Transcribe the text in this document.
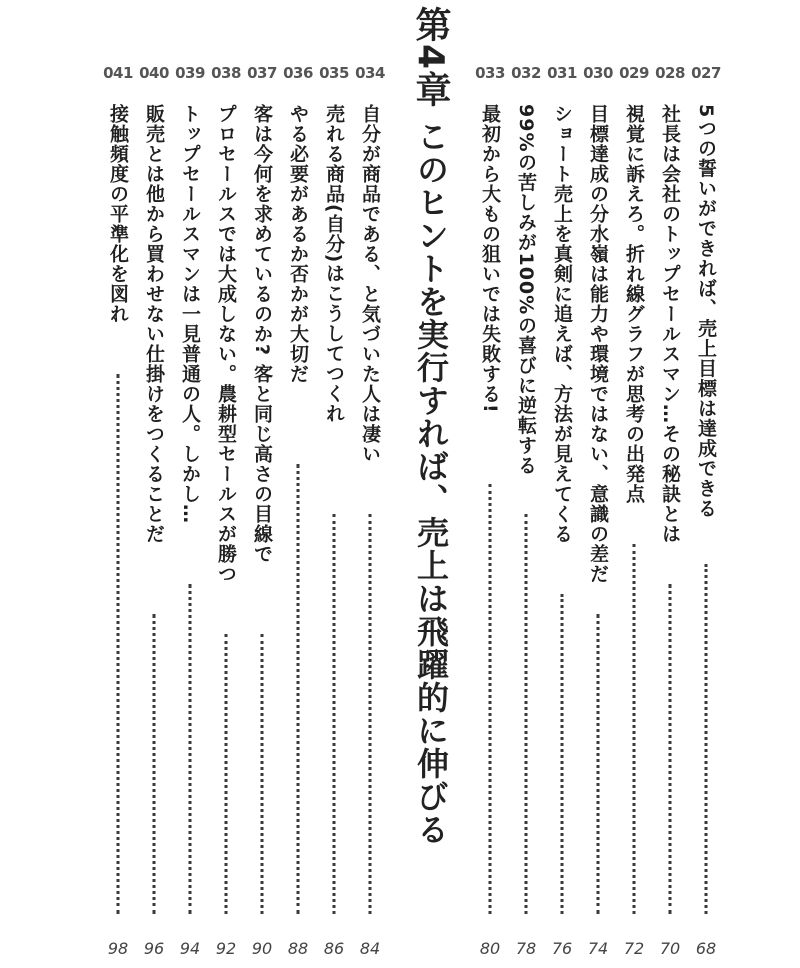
第4章
このヒントを実行すれば、売上は飛躍的に伸びる
027
5つの誓いができれば、売上目標は達成できる
68
028
社長は会社のトップセールスマン…その秘訣とは
70
029
視覚に訴えろ。折れ線グラフが思考の出発点
72
030
目標達成の分水嶺は能力や環境ではない、意識の差だ
74
031
ショート売上を真剣に追えば、方法が見えてくる
76
032
99%の苦しみが100%の喜びに逆転する
78
033
最初から大もの狙いでは失敗する!
80
034
自分が商品である、と気づいた人は凄い
84
035
売れる商品(自分)はこうしてつくれ
86
036
やる必要があるか否かが大切だ
88
037
客は今何を求めているのか? 客と同じ高さの目線で
90
038
プロセールスでは大成しない。農耕型セールスが勝つ
92
039
トップセールスマンは一見普通の人。しかし…
94
040
販売とは他から買わせない仕掛けをつくることだ
96
041
接触頻度の平準化を図れ
98
